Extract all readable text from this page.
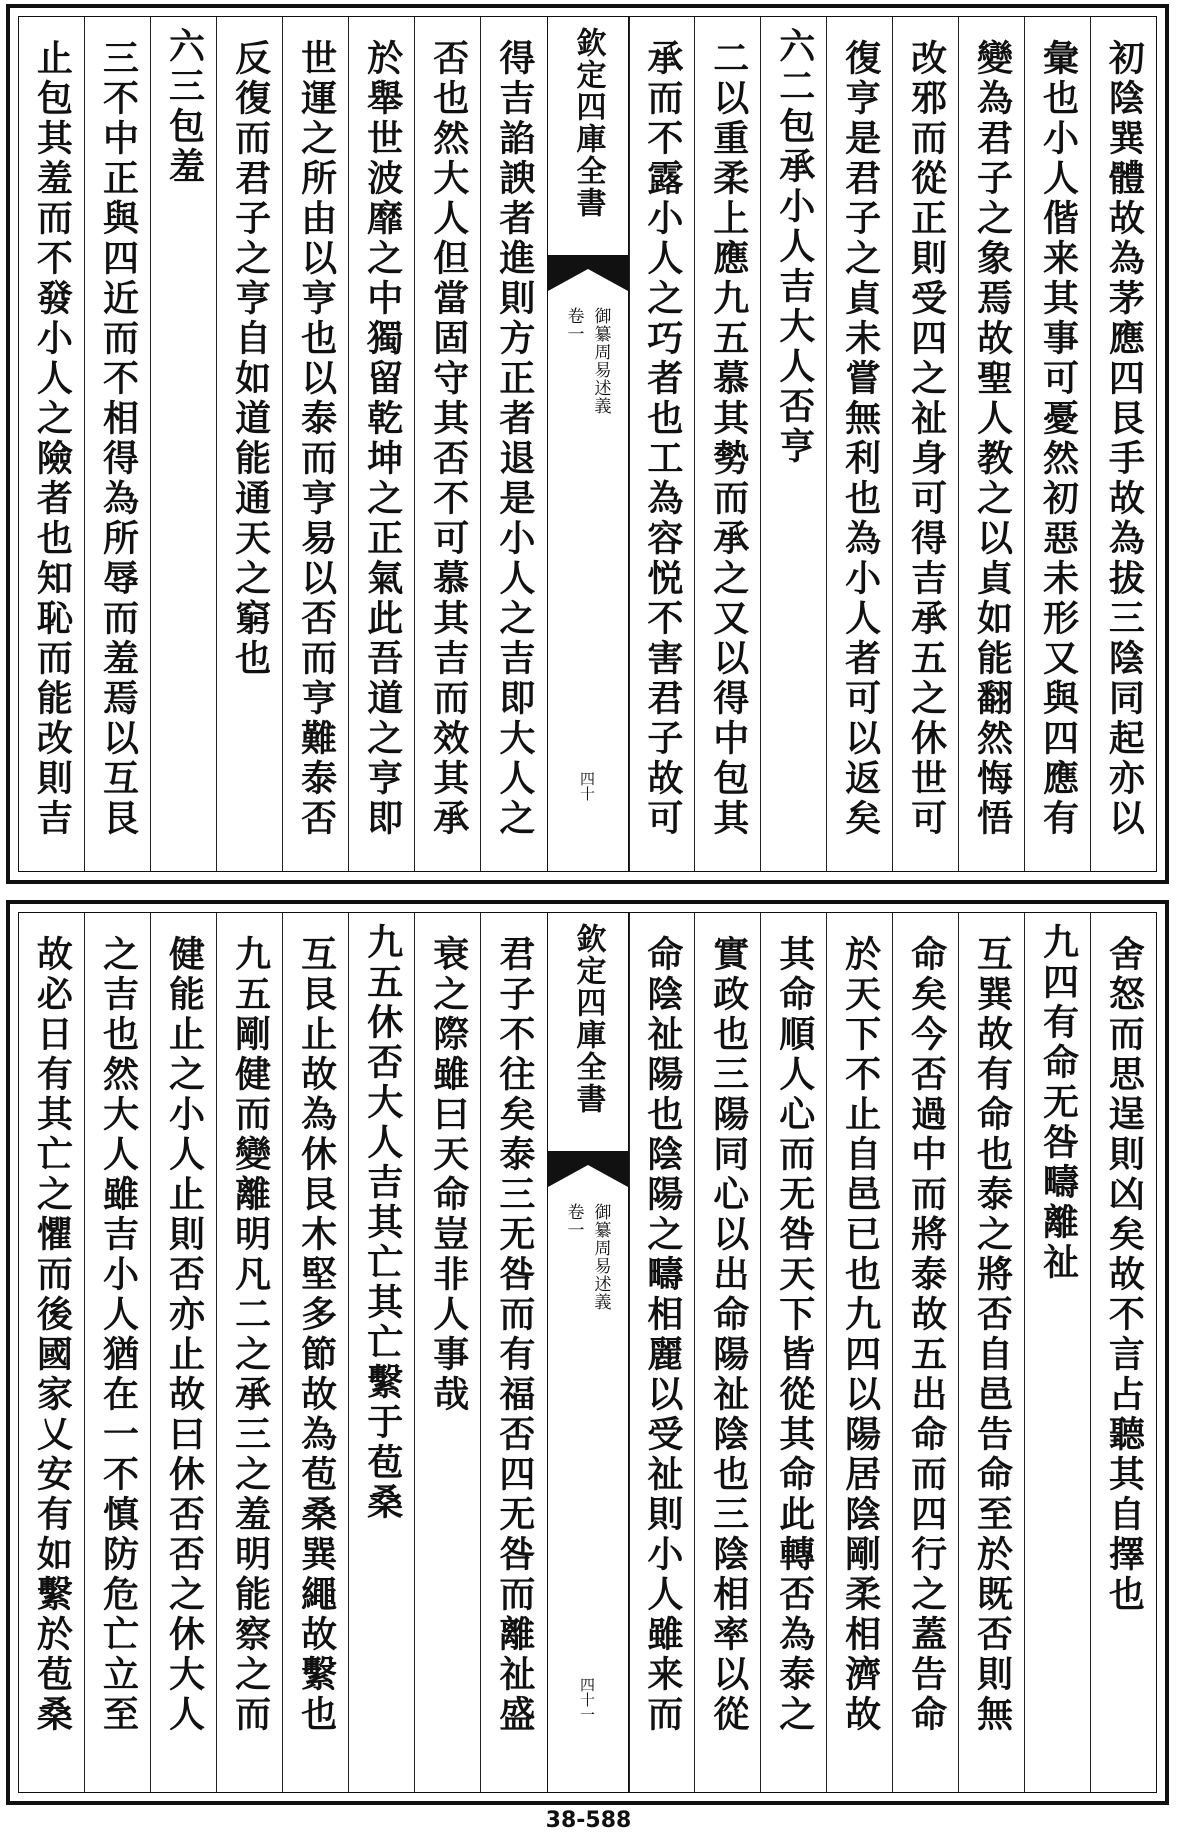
初陰巽體故為茅應四艮手故為拔三陰同起亦以
彙也小人偕来其事可憂然初惡未形又與四應有
變為君子之象焉故聖人教之以貞如能翻然悔悟
改邪而從正則受四之祉身可得吉承五之休世可
復亨是君子之貞未嘗無利也為小人者可以返矣
六二包承小人吉大人否亨
二以重柔上應九五慕其勢而承之又以得中包其
承而不露小人之巧者也工為容悦不害君子故可
欽定四庫全書
御纂周易述義
卷一
四十
得吉諂諛者進則方正者退是小人之吉即大人之
否也然大人但當固守其否不可慕其吉而效其承
於舉世波靡之中獨留乾坤之正氣此吾道之亨即
世運之所由以亨也以泰而亨易以否而亨難泰否
反復而君子之亨自如道能通天之窮也
六三包羞
三不中正與四近而不相得為所辱而羞焉以互艮
止包其羞而不發小人之險者也知恥而能改則吉
舍怒而思逞則凶矣故不言占聽其自擇也
九四有命无咎疇離祉
互巽故有命也泰之將否自邑告命至於既否則無
命矣今否過中而將泰故五出命而四行之蓋告命
於天下不止自邑已也九四以陽居陰剛柔相濟故
其命順人心而无咎天下皆從其命此轉否為泰之
實政也三陽同心以出命陽祉陰也三陰相率以從
命陰祉陽也陰陽之疇相麗以受祉則小人雖来而
欽定四庫全書
御纂周易述義
卷一
四十一
君子不往矣泰三无咎而有福否四无咎而離祉盛
衰之際雖曰天命豈非人事哉
九五休否大人吉其亡其亡繫于苞桑
互艮止故為休艮木堅多節故為苞桑巽繩故繫也
九五剛健而變離明凡二之承三之羞明能察之而
健能止之小人止則否亦止故曰休否否之休大人
之吉也然大人雖吉小人猶在一不慎防危亡立至
故必日有其亡之懼而後國家乂安有如繫於苞桑
38-588
